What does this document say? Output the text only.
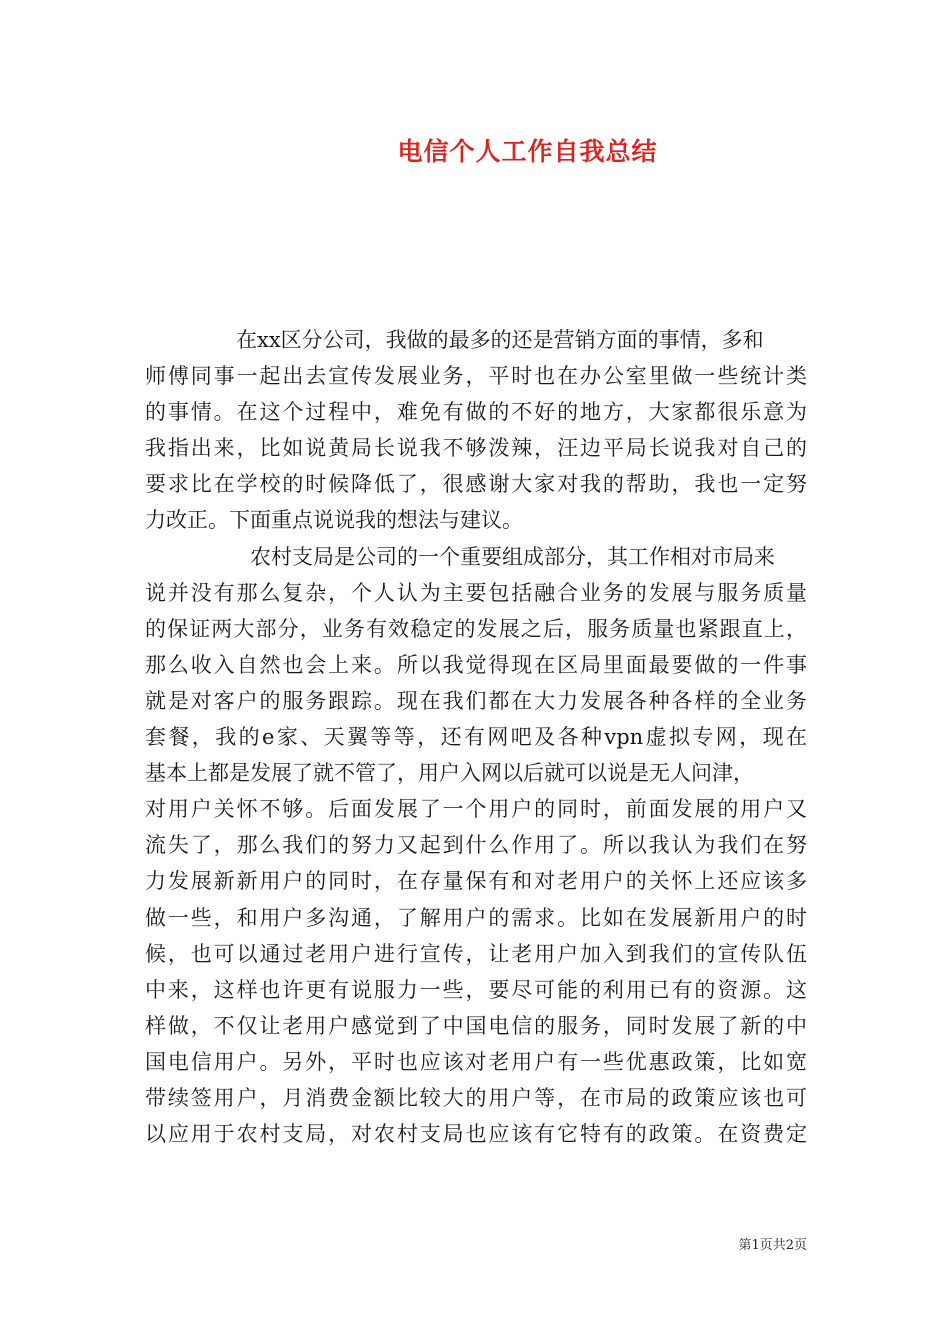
电信个人工作自我总结
在xx区分公司，我做的最多的还是营销方面的事情，多和
师傅同事一起出去宣传发展业务，平时也在办公室里做一些统计类
的事情。在这个过程中，难免有做的不好的地方，大家都很乐意为
我指出来，比如说黄局长说我不够泼辣，汪边平局长说我对自己的
要求比在学校的时候降低了，很感谢大家对我的帮助，我也一定努
力改正。下面重点说说我的想法与建议。
农村支局是公司的一个重要组成部分，其工作相对市局来
说并没有那么复杂，个人认为主要包括融合业务的发展与服务质量
的保证两大部分，业务有效稳定的发展之后，服务质量也紧跟直上，
那么收入自然也会上来。所以我觉得现在区局里面最要做的一件事
就是对客户的服务跟踪。现在我们都在大力发展各种各样的全业务
套餐，我的e家、天翼等等，还有网吧及各种vpn虚拟专网，现在
基本上都是发展了就不管了，用户入网以后就可以说是无人问津，
对用户关怀不够。后面发展了一个用户的同时，前面发展的用户又
流失了，那么我们的努力又起到什么作用了。所以我认为我们在努
力发展新新用户的同时，在存量保有和对老用户的关怀上还应该多
做一些，和用户多沟通，了解用户的需求。比如在发展新用户的时
候，也可以通过老用户进行宣传，让老用户加入到我们的宣传队伍
中来，这样也许更有说服力一些，要尽可能的利用已有的资源。这
样做，不仅让老用户感觉到了中国电信的服务，同时发展了新的中
国电信用户。另外，平时也应该对老用户有一些优惠政策，比如宽
带续签用户，月消费金额比较大的用户等，在市局的政策应该也可
以应用于农村支局，对农村支局也应该有它特有的政策。在资费定
第1页共2页
